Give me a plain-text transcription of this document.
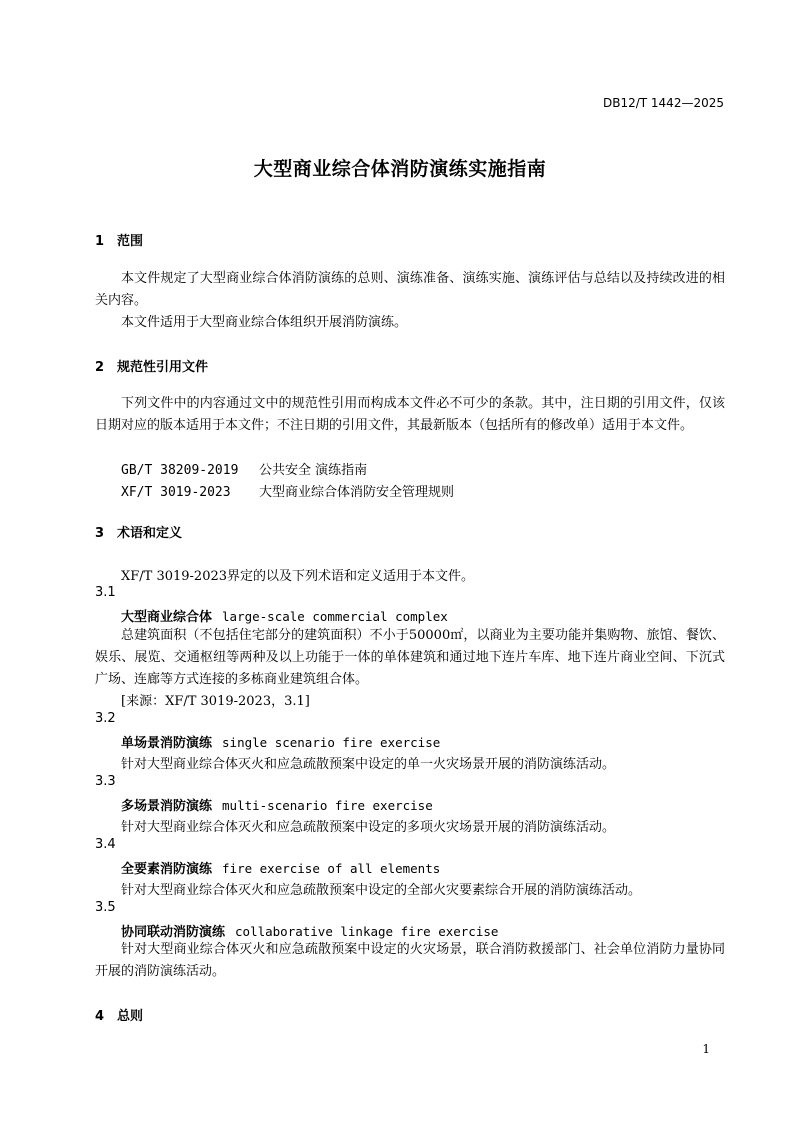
DB12/T 1442—2025
大型商业综合体消防演练实施指南
1 范围
本文件规定了大型商业综合体消防演练的总则、演练准备、演练实施、演练评估与总结以及持续改进的相关内容。
本文件适用于大型商业综合体组织开展消防演练。
2 规范性引用文件
下列文件中的内容通过文中的规范性引用而构成本文件必不可少的条款。其中，注日期的引用文件，仅该日期对应的版本适用于本文件；不注日期的引用文件，其最新版本（包括所有的修改单）适用于本文件。
GB/T 38209-2019 公共安全 演练指南
XF/T 3019-2023 大型商业综合体消防安全管理规则
3 术语和定义
XF/T 3019-2023界定的以及下列术语和定义适用于本文件。
3.1
大型商业综合体 large-scale commercial complex
总建筑面积（不包括住宅部分的建筑面积）不小于50000㎡，以商业为主要功能并集购物、旅馆、餐饮、娱乐、展览、交通枢纽等两种及以上功能于一体的单体建筑和通过地下连片车库、地下连片商业空间、下沉式广场、连廊等方式连接的多栋商业建筑组合体。
[来源：XF/T 3019-2023，3.1]
3.2
单场景消防演练 single scenario fire exercise
针对大型商业综合体灭火和应急疏散预案中设定的单一火灾场景开展的消防演练活动。
3.3
多场景消防演练 multi-scenario fire exercise
针对大型商业综合体灭火和应急疏散预案中设定的多项火灾场景开展的消防演练活动。
3.4
全要素消防演练 fire exercise of all elements
针对大型商业综合体灭火和应急疏散预案中设定的全部火灾要素综合开展的消防演练活动。
3.5
协同联动消防演练 collaborative linkage fire exercise
针对大型商业综合体灭火和应急疏散预案中设定的火灾场景，联合消防救援部门、社会单位消防力量协同开展的消防演练活动。
4 总则
1
